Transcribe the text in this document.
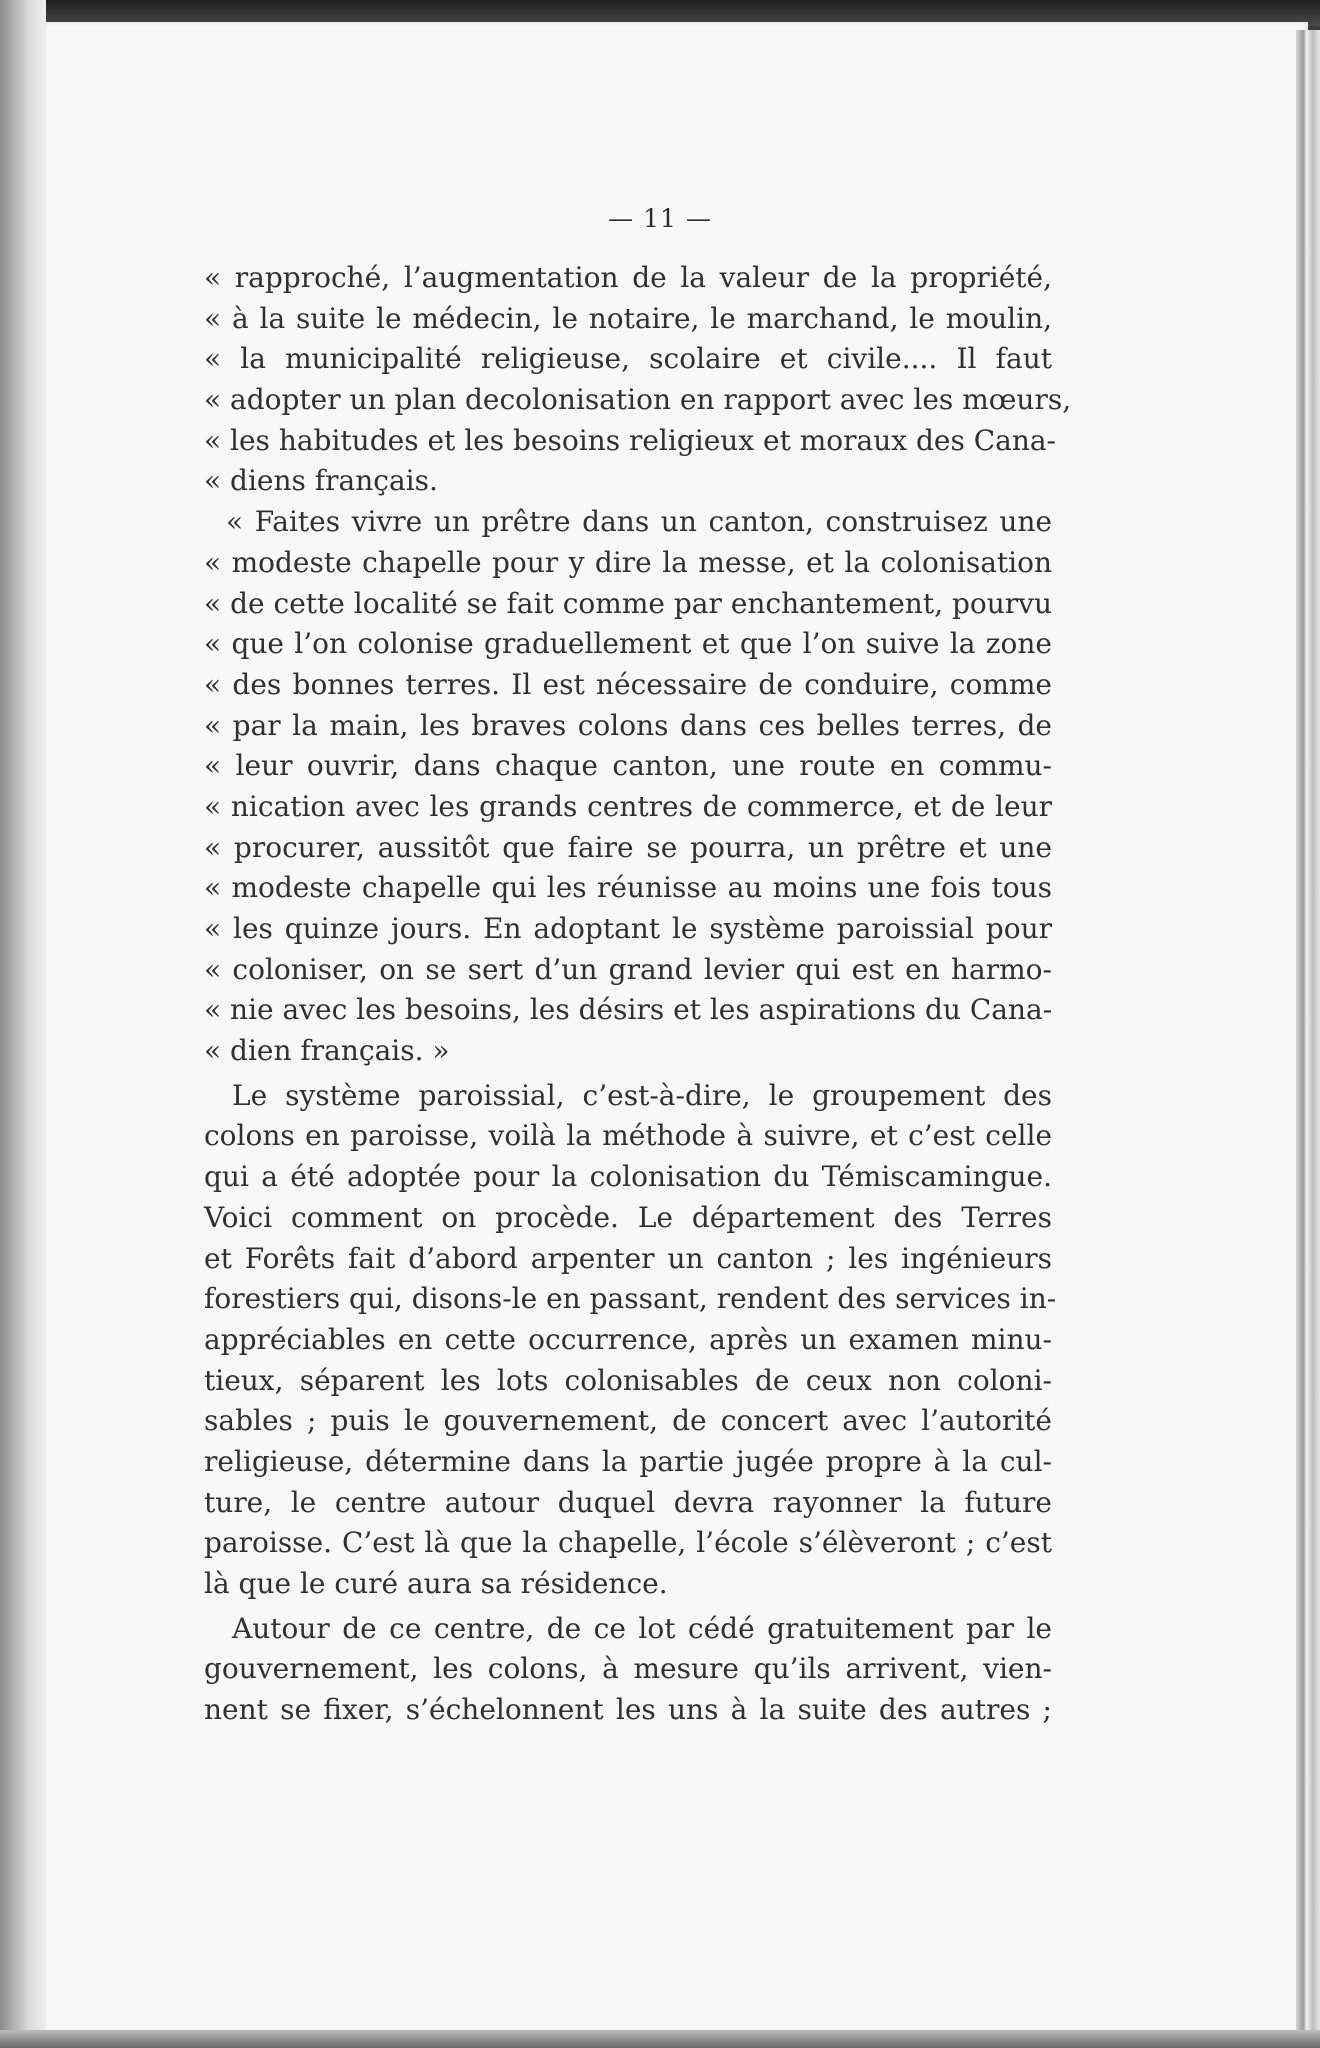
— 11 —
« rapproché, l’augmentation de la valeur de la propriété,
« à la suite le médecin, le notaire, le marchand, le moulin,
« la municipalité religieuse, scolaire et civile.... Il faut
« adopter un plan decolonisation en rapport avec les mœurs,
« les habitudes et les besoins religieux et moraux des Cana-
« diens français.
« Faites vivre un prêtre dans un canton, construisez une
« modeste chapelle pour y dire la messe, et la colonisation
« de cette localité se fait comme par enchantement, pourvu
« que l’on colonise graduellement et que l’on suive la zone
« des bonnes terres. Il est nécessaire de conduire, comme
« par la main, les braves colons dans ces belles terres, de
« leur ouvrir, dans chaque canton, une route en commu-
« nication avec les grands centres de commerce, et de leur
« procurer, aussitôt que faire se pourra, un prêtre et une
« modeste chapelle qui les réunisse au moins une fois tous
« les quinze jours. En adoptant le système paroissial pour
« coloniser, on se sert d’un grand levier qui est en harmo-
« nie avec les besoins, les désirs et les aspirations du Cana-
« dien français. »
Le système paroissial, c’est-à-dire, le groupement des
colons en paroisse, voilà la méthode à suivre, et c’est celle
qui a été adoptée pour la colonisation du Témiscamingue.
Voici comment on procède. Le département des Terres
et Forêts fait d’abord arpenter un canton ; les ingénieurs
forestiers qui, disons-le en passant, rendent des services in-
appréciables en cette occurrence, après un examen minu-
tieux, séparent les lots colonisables de ceux non coloni-
sables ; puis le gouvernement, de concert avec l’autorité
religieuse, détermine dans la partie jugée propre à la cul-
ture, le centre autour duquel devra rayonner la future
paroisse. C’est là que la chapelle, l’école s’élèveront ; c’est
là que le curé aura sa résidence.
Autour de ce centre, de ce lot cédé gratuitement par le
gouvernement, les colons, à mesure qu’ils arrivent, vien-
nent se fixer, s’échelonnent les uns à la suite des autres ;
